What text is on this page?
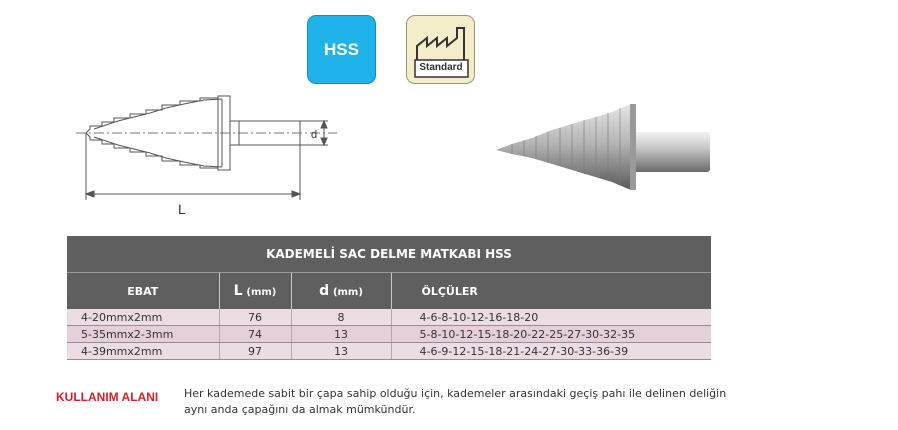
HSS
Standard
L
d
KADEMELİ SAC DELME MATKABI HSS			
EBAT	L (mm)	d (mm)	ÖLÇÜLER
4-20mmx2mm	76	8	4-6-8-10-12-16-18-20
5-35mmx2-3mm	74	13	5-8-10-12-15-18-20-22-25-27-30-32-35
4-39mmx2mm	97	13	4-6-9-12-15-18-21-24-27-30-33-36-39
KULLANIM ALANI Her kademede sabit bir çapa sahip olduğu için, kademeler arasındaki geçiş pahı ile delinen deliğin aynı anda çapağını da almak mümkündür.
